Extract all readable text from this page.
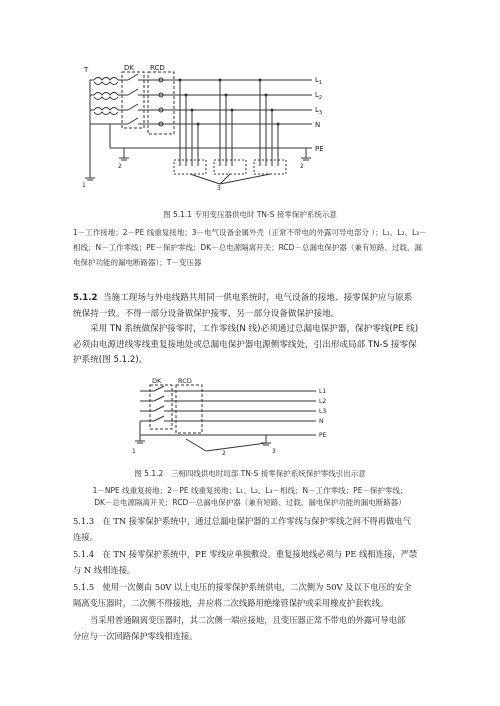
T	DK RCD
$L_1$
$L_2$
$L_3$
N
PE
1
2	2
3
图 5.1.1 专用变压器供电时 TN-S 接零保护系统示意
1－工作接地；2－PE 线重复接地；3－电气设备金属外壳（正常不带电的外露可导电部分 ）；L₁、L₂、L₃－
相线；N－工作零线；PE－保护零线；DK－总电源隔离开关；RCD－总漏电保护器（兼有短路、过载、漏
电保护功能的漏电断路器）；T－变压器
5.1.2 当施工现场与外电线路共用同一供电系统时，电气设备的接地、接零保护应与原系
统保持一致。不得一部分设备做保护接零，另一部分设备做保护接地。
采用 TN 系统做保护接零时，工作零线(N 线)必须通过总漏电保护器，保护零线(PE 线)
必须由电源进线零线重复接地处或总漏电保护器电源侧零线处，引出形成局部 TN-S 接零保
护系统(图 5.1.2)。
DK	RCD
L1
L2
L3
N
PE
1	2	3
图 5.1.2　三相四线供电时局部 TN-S 接零保护系统保护零线引出示意
1－NPE 线重复接地；2－PE 线重复接地；L₁、L₂、L₃－相线；N－工作零线；PE－保护零线；
DK－总电源隔离开关；RCD－总漏电保护器（兼有短路、过载、漏电保护功能的漏电断路器）
5.1.3　在 TN 接零保护系统中，通过总漏电保护器的工作零线与保护零线之间不得再做电气
连接。
5.1.4　在 TN 接零保护系统中，PE 零线应单独敷设。重复接地线必须与 PE 线相连接，严禁
与 N 线相连接。
5.1.5　使用一次侧由 50V 以上电压的接零保护系统供电，二次侧为 50V 及以下电压的安全
隔离变压器时，二次侧不得接地，并应将二次线路用绝缘管保护或采用橡皮护套软线。
当采用普通隔离变压器时，其二次侧一端应接地，且变压器正常不带电的外露可导电部
分应与一次回路保护零线相连接。
